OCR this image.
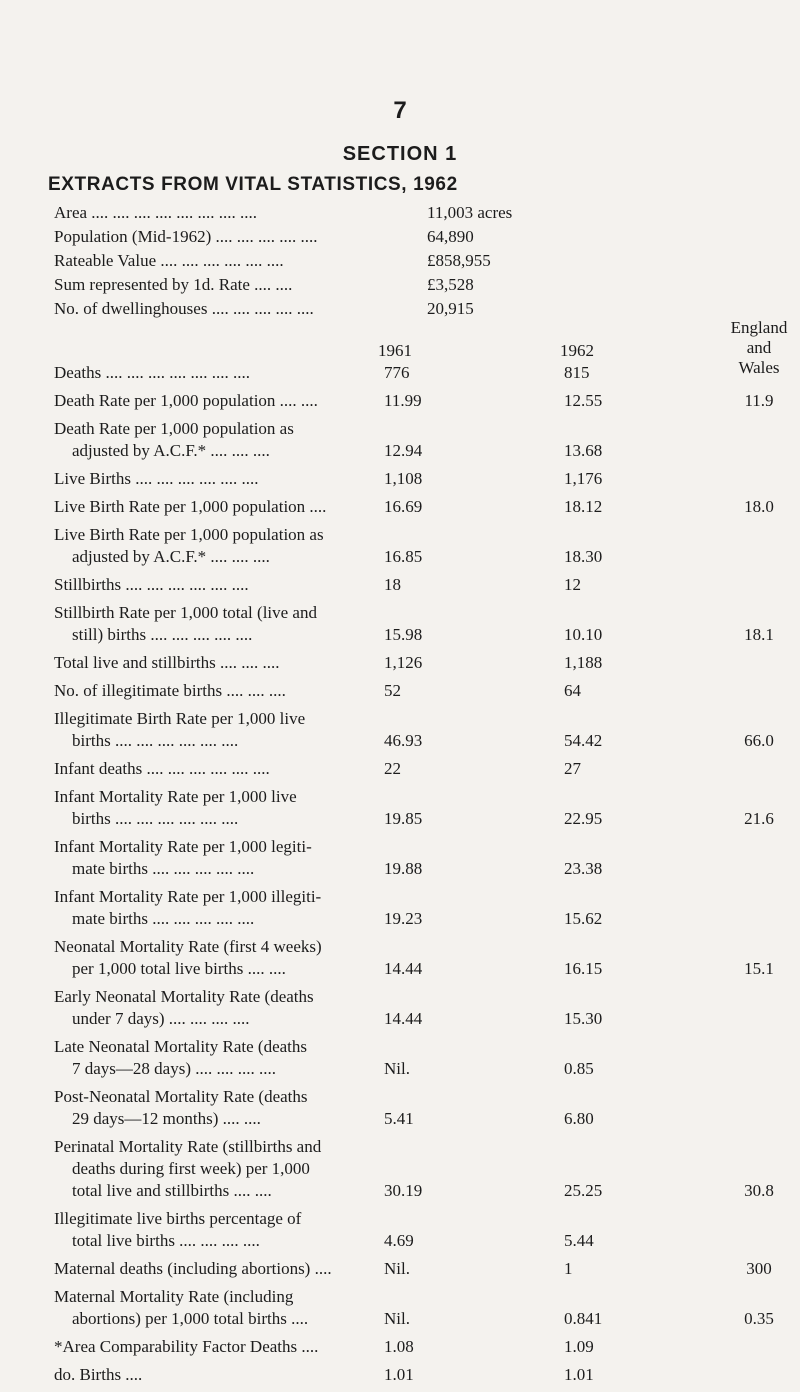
7
SECTION 1
EXTRACTS FROM VITAL STATISTICS, 1962
Area .... .... .... .... .... .... .... ....	11,003 acres
Population (Mid-1962) .... .... .... .... ....	64,890
Rateable Value .... .... .... .... .... ....	£858,955
Sum represented by 1d. Rate .... ....	£3,528
No. of dwellinghouses .... .... .... .... ....	20,915
1961	1962
England
and
Wales
Deaths .... .... .... .... .... .... ....	776	815
Death Rate per 1,000 population .... ....	11.99	12.55	11.9
Death Rate per 1,000 population as
adjusted by A.C.F.* .... .... ....	12.94	13.68
Live Births .... .... .... .... .... ....	1,108	1,176
Live Birth Rate per 1,000 population ....	16.69	18.12	18.0
Live Birth Rate per 1,000 population as
adjusted by A.C.F.* .... .... ....	16.85	18.30
Stillbirths .... .... .... .... .... ....	18	12
Stillbirth Rate per 1,000 total (live and
still) births .... .... .... .... ....	15.98	10.10	18.1
Total live and stillbirths .... .... ....	1,126	1,188
No. of illegitimate births .... .... ....	52	64
Illegitimate Birth Rate per 1,000 live
births .... .... .... .... .... ....	46.93	54.42	66.0
Infant deaths .... .... .... .... .... ....	22	27
Infant Mortality Rate per 1,000 live
births .... .... .... .... .... ....	19.85	22.95	21.6
Infant Mortality Rate per 1,000 legiti-
mate births .... .... .... .... ....	19.88	23.38
Infant Mortality Rate per 1,000 illegiti-
mate births .... .... .... .... ....	19.23	15.62
Neonatal Mortality Rate (first 4 weeks)
per 1,000 total live births .... ....	14.44	16.15	15.1
Early Neonatal Mortality Rate (deaths
under 7 days) .... .... .... ....	14.44	15.30
Late Neonatal Mortality Rate (deaths
7 days—28 days) .... .... .... ....	Nil.	0.85
Post-Neonatal Mortality Rate (deaths
29 days—12 months) .... ....	5.41	6.80
Perinatal Mortality Rate (stillbirths and
deaths during first week) per 1,000
total live and stillbirths .... ....	30.19	25.25	30.8
Illegitimate live births percentage of
total live births .... .... .... ....	4.69	5.44
Maternal deaths (including abortions) ....	Nil.	1	300
Maternal Mortality Rate (including
abortions) per 1,000 total births ....	Nil.	0.841	0.35
*Area Comparability Factor Deaths ....	1.08	1.09
do. Births ....	1.01	1.01
